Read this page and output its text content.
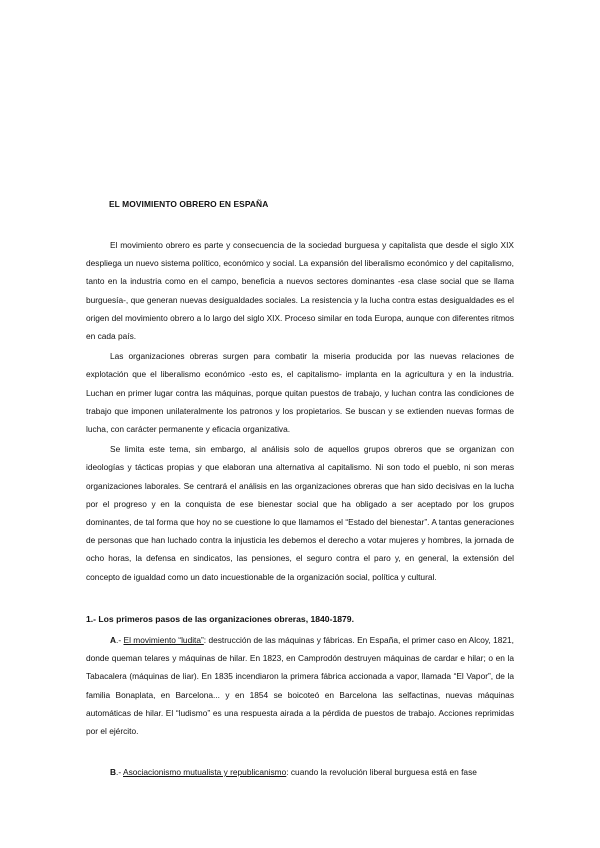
EL MOVIMIENTO OBRERO EN ESPAÑA

El movimiento obrero es parte y consecuencia de la sociedad burguesa y capitalista que desde el siglo XIX despliega un nuevo sistema político, económico y social. La expansión del liberalismo económico y del capitalismo, tanto en la industria como en el campo, beneficia a nuevos sectores dominantes -esa clase social que se llama burguesía-, que generan nuevas desigualdades sociales. La resistencia y la lucha contra estas desigualdades es el origen del movimiento obrero a lo largo del siglo XIX. Proceso similar en toda Europa, aunque con diferentes ritmos en cada país.

Las organizaciones obreras surgen para combatir la miseria producida por las nuevas relaciones de explotación que el liberalismo económico -esto es, el capitalismo- implanta en la agricultura y en la industria. Luchan en primer lugar contra las máquinas, porque quitan puestos de trabajo, y luchan contra las condiciones de trabajo que imponen unilateralmente los patronos y los propietarios. Se buscan y se extienden nuevas formas de lucha, con carácter permanente y eficacia organizativa.

Se limita este tema, sin embargo, al análisis solo de aquellos grupos obreros que se organizan con ideologías y tácticas propias y que elaboran una alternativa al capitalismo. Ni son todo el pueblo, ni son meras organizaciones laborales. Se centrará el análisis en las organizaciones obreras que han sido decisivas en la lucha por el progreso y en la conquista de ese bienestar social que ha obligado a ser aceptado por los grupos dominantes, de tal forma que hoy no se cuestione lo que llamamos el “Estado del bienestar”. A tantas generaciones de personas que han luchado contra la injusticia les debemos el derecho a votar mujeres y hombres, la jornada de ocho horas, la defensa en sindicatos, las pensiones, el seguro contra el paro y, en general, la extensión del concepto de igualdad como un dato incuestionable de la organización social, política y cultural.

1.- Los primeros pasos de las organizaciones obreras, 1840-1879.

A.- El movimiento “ludita”: destrucción de las máquinas y fábricas. En España, el primer caso en Alcoy, 1821, donde queman telares y máquinas de hilar. En 1823, en Camprodón destruyen máquinas de cardar e hilar; o en la Tabacalera (máquinas de liar). En 1835 incendiaron la primera fábrica accionada a vapor, llamada “El Vapor”, de la familia Bonaplata, en Barcelona... y en 1854 se boicoteó en Barcelona las selfactinas, nuevas máquinas automáticas de hilar. El “ludismo” es una respuesta airada a la pérdida de puestos de trabajo. Acciones reprimidas por el ejército.

B.- Asociacionismo mutualista y republicanismo: cuando la revolución liberal burguesa está en fase
